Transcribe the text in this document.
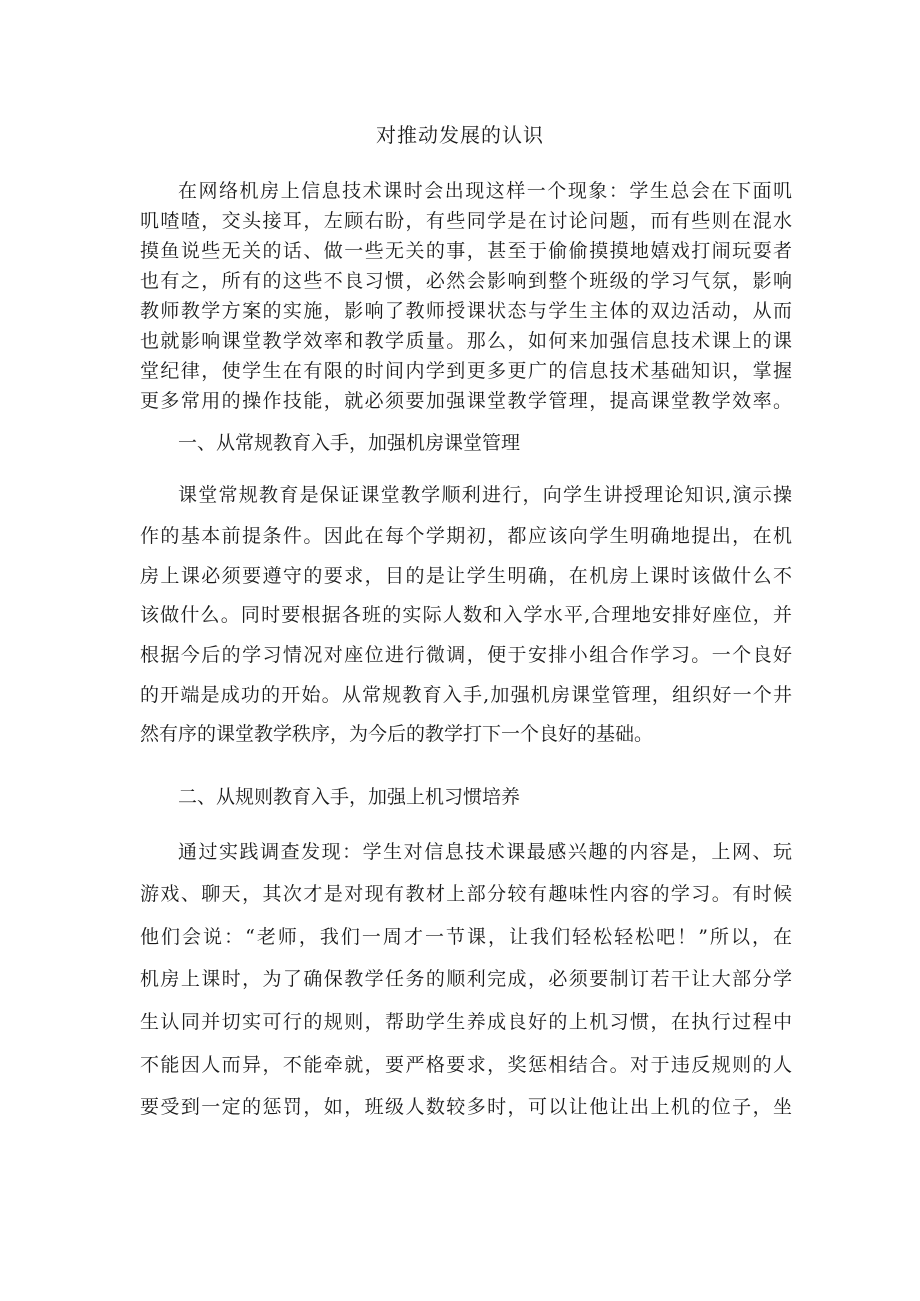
对推动发展的认识
在网络机房上信息技术课时会出现这样一个现象：学生总会在下面叽
叽喳喳，交头接耳，左顾右盼，有些同学是在讨论问题，而有些则在混水
摸鱼说些无关的话、做一些无关的事，甚至于偷偷摸摸地嬉戏打闹玩耍者
也有之，所有的这些不良习惯，必然会影响到整个班级的学习气氛，影响
教师教学方案的实施，影响了教师授课状态与学生主体的双边活动，从而
也就影响课堂教学效率和教学质量。那么，如何来加强信息技术课上的课
堂纪律，使学生在有限的时间内学到更多更广的信息技术基础知识，掌握
更多常用的操作技能，就必须要加强课堂教学管理，提高课堂教学效率。
一、从常规教育入手，加强机房课堂管理
课堂常规教育是保证课堂教学顺利进行，向学生讲授理论知识,演示操
作的基本前提条件。因此在每个学期初，都应该向学生明确地提出，在机
房上课必须要遵守的要求，目的是让学生明确，在机房上课时该做什么不
该做什么。同时要根据各班的实际人数和入学水平,合理地安排好座位，并
根据今后的学习情况对座位进行微调，便于安排小组合作学习。一个良好
的开端是成功的开始。从常规教育入手,加强机房课堂管理，组织好一个井
然有序的课堂教学秩序，为今后的教学打下一个良好的基础。
二、从规则教育入手，加强上机习惯培养
通过实践调查发现：学生对信息技术课最感兴趣的内容是，上网、玩
游戏、聊天，其次才是对现有教材上部分较有趣味性内容的学习。有时候
他们会说：“老师，我们一周才一节课，让我们轻松轻松吧！”所以，在
机房上课时，为了确保教学任务的顺利完成，必须要制订若干让大部分学
生认同并切实可行的规则，帮助学生养成良好的上机习惯，在执行过程中
不能因人而异，不能牵就，要严格要求，奖惩相结合。对于违反规则的人
要受到一定的惩罚，如，班级人数较多时，可以让他让出上机的位子，坐
